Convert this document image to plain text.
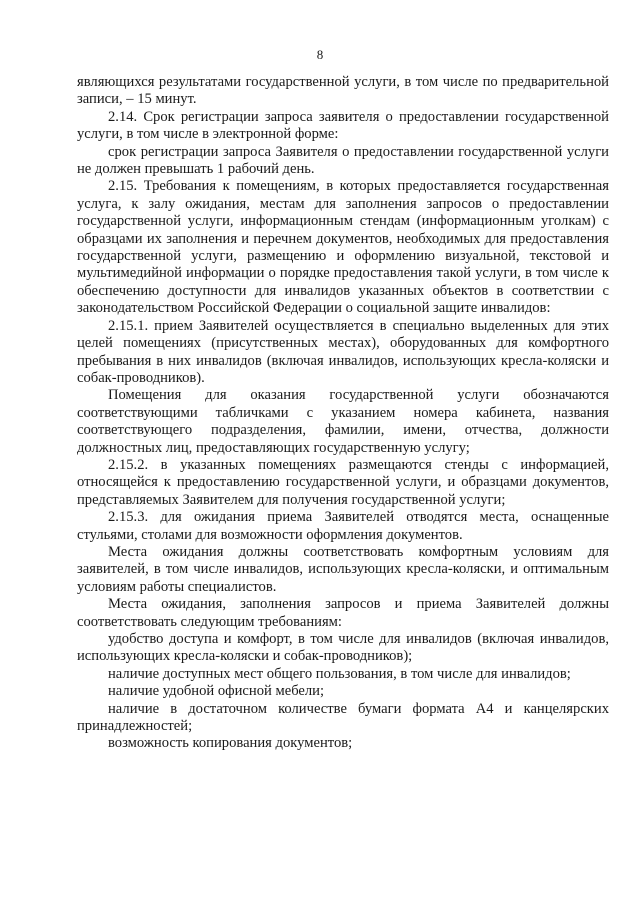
8

являющихся результатами государственной услуги, в том числе по предварительной записи, – 15 минут.

2.14. Срок регистрации запроса заявителя о предоставлении государственной услуги, в том числе в электронной форме:

срок регистрации запроса Заявителя о предоставлении государственной услуги не должен превышать 1 рабочий день.

2.15. Требования к помещениям, в которых предоставляется государственная услуга, к залу ожидания, местам для заполнения запросов о предоставлении государственной услуги, информационным стендам (информационным уголкам) с образцами их заполнения и перечнем документов, необходимых для предоставления государственной услуги, размещению и оформлению визуальной, текстовой и мультимедийной информации о порядке предоставления такой услуги, в том числе к обеспечению доступности для инвалидов указанных объектов в соответствии с законодательством Российской Федерации о социальной защите инвалидов:

2.15.1. прием Заявителей осуществляется в специально выделенных для этих целей помещениях (присутственных местах), оборудованных для комфортного пребывания в них инвалидов (включая инвалидов, использующих кресла-коляски и собак-проводников).

Помещения для оказания государственной услуги обозначаются соответствующими табличками с указанием номера кабинета, названия соответствующего подразделения, фамилии, имени, отчества, должности должностных лиц, предоставляющих государственную услугу;

2.15.2. в указанных помещениях размещаются стенды с информацией, относящейся к предоставлению государственной услуги, и образцами документов, представляемых Заявителем для получения государственной услуги;

2.15.3. для ожидания приема Заявителей отводятся места, оснащенные стульями, столами для возможности оформления документов.

Места ожидания должны соответствовать комфортным условиям для заявителей, в том числе инвалидов, использующих кресла-коляски, и оптимальным условиям работы специалистов.

Места ожидания, заполнения запросов и приема Заявителей должны соответствовать следующим требованиям:

удобство доступа и комфорт, в том числе для инвалидов (включая инвалидов, использующих кресла-коляски и собак-проводников);

наличие доступных мест общего пользования, в том числе для инвалидов;

наличие удобной офисной мебели;

наличие в достаточном количестве бумаги формата А4 и канцелярских принадлежностей;

возможность копирования документов;
